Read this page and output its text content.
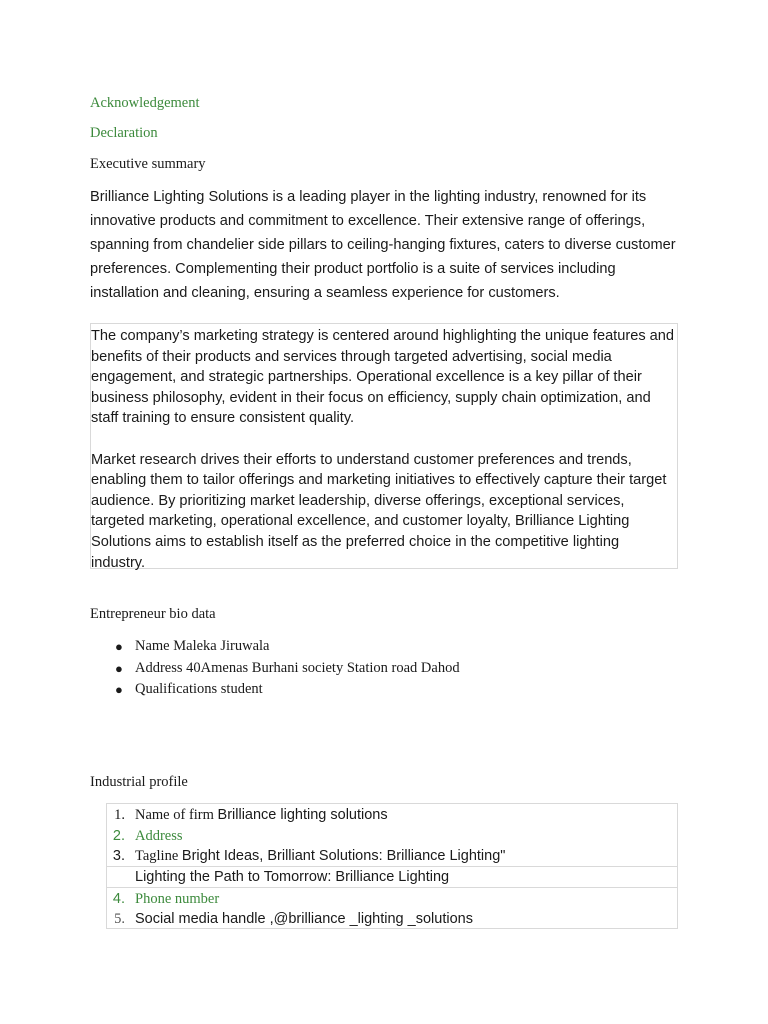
Acknowledgement
Declaration
Executive summary

Brilliance Lighting Solutions is a leading player in the lighting industry, renowned for its innovative products and commitment to excellence. Their extensive range of offerings, spanning from chandelier side pillars to ceiling-hanging fixtures, caters to diverse customer preferences. Complementing their product portfolio is a suite of services including installation and cleaning, ensuring a seamless experience for customers.

The company’s marketing strategy is centered around highlighting the unique features and benefits of their products and services through targeted advertising, social media engagement, and strategic partnerships. Operational excellence is a key pillar of their business philosophy, evident in their focus on efficiency, supply chain optimization, and staff training to ensure consistent quality.

Market research drives their efforts to understand customer preferences and trends, enabling them to tailor offerings and marketing initiatives to effectively capture their target audience. By prioritizing market leadership, diverse offerings, exceptional services, targeted marketing, operational excellence, and customer loyalty, Brilliance Lighting Solutions aims to establish itself as the preferred choice in the competitive lighting industry.

Entrepreneur bio data
● Name Maleka Jiruwala
● Address 40Amenas Burhani society Station road Dahod
● Qualifications student
Industrial profile
1. Name of firm Brilliance lighting solutions
2. Address
3. Tagline Bright Ideas, Brilliant Solutions: Brilliance Lighting"
Lighting the Path to Tomorrow: Brilliance Lighting
4. Phone number
5. Social media handle ,@brilliance _lighting _solutions
